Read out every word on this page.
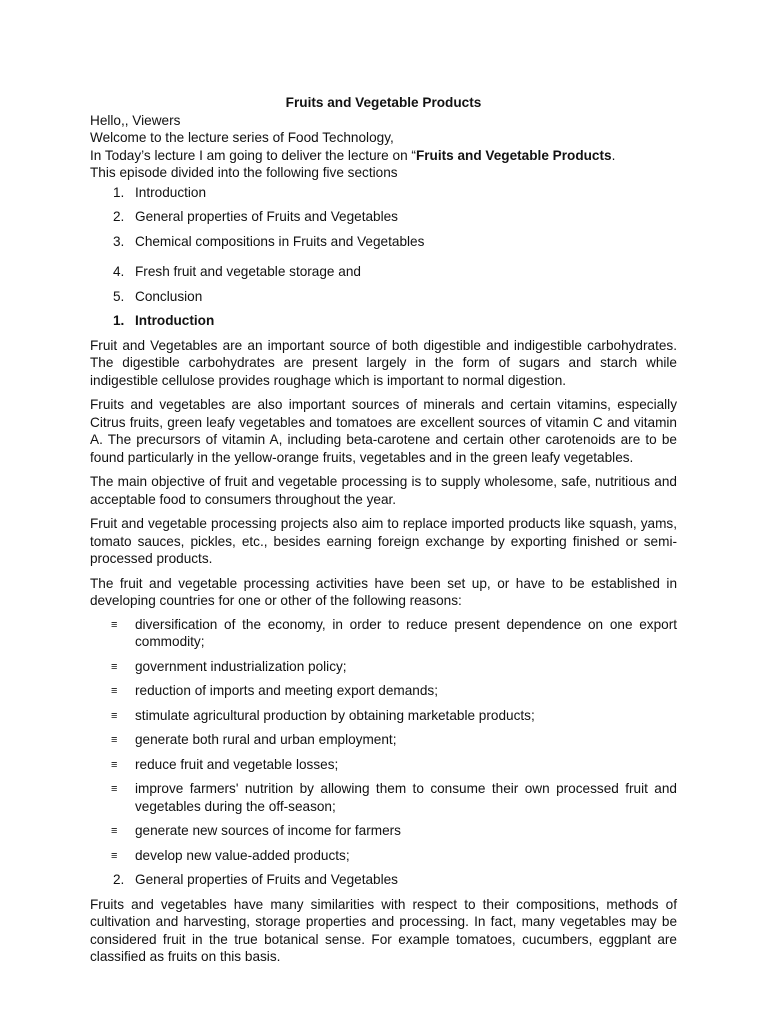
Fruits and Vegetable Products

Hello,, Viewers

Welcome to the lecture series of Food Technology,

In Today’s lecture I am going to deliver the lecture on “Fruits and Vegetable Products.

This episode divided into the following five sections

1. Introduction
2. General properties of Fruits and Vegetables
3. Chemical compositions in Fruits and Vegetables
4. Fresh fruit and vegetable storage and
5. Conclusion
1. Introduction

Fruit and Vegetables are an important source of both digestible and indigestible carbohydrates. The digestible carbohydrates are present largely in the form of sugars and starch while indigestible cellulose provides roughage which is important to normal digestion.

Fruits and vegetables are also important sources of minerals and certain vitamins, especially Citrus fruits, green leafy vegetables and tomatoes are excellent sources of vitamin C and vitamin A. The precursors of vitamin A, including beta-carotene and certain other carotenoids are to be found particularly in the yellow-orange fruits, vegetables and in the green leafy vegetables.

The main objective of fruit and vegetable processing is to supply wholesome, safe, nutritious and acceptable food to consumers throughout the year.

Fruit and vegetable processing projects also aim to replace imported products like squash, yams, tomato sauces, pickles, etc., besides earning foreign exchange by exporting finished or semi-processed products.

The fruit and vegetable processing activities have been set up, or have to be established in developing countries for one or other of the following reasons:

≡ diversification of the economy, in order to reduce present dependence on one export commodity;
≡ government industrialization policy;
≡ reduction of imports and meeting export demands;
≡ stimulate agricultural production by obtaining marketable products;
≡ generate both rural and urban employment;
≡ reduce fruit and vegetable losses;
≡ improve farmers' nutrition by allowing them to consume their own processed fruit and vegetables during the off-season;
≡ generate new sources of income for farmers
≡ develop new value-added products;
2. General properties of Fruits and Vegetables

Fruits and vegetables have many similarities with respect to their compositions, methods of cultivation and harvesting, storage properties and processing. In fact, many vegetables may be considered fruit in the true botanical sense. For example tomatoes, cucumbers, eggplant are classified as fruits on this basis.
